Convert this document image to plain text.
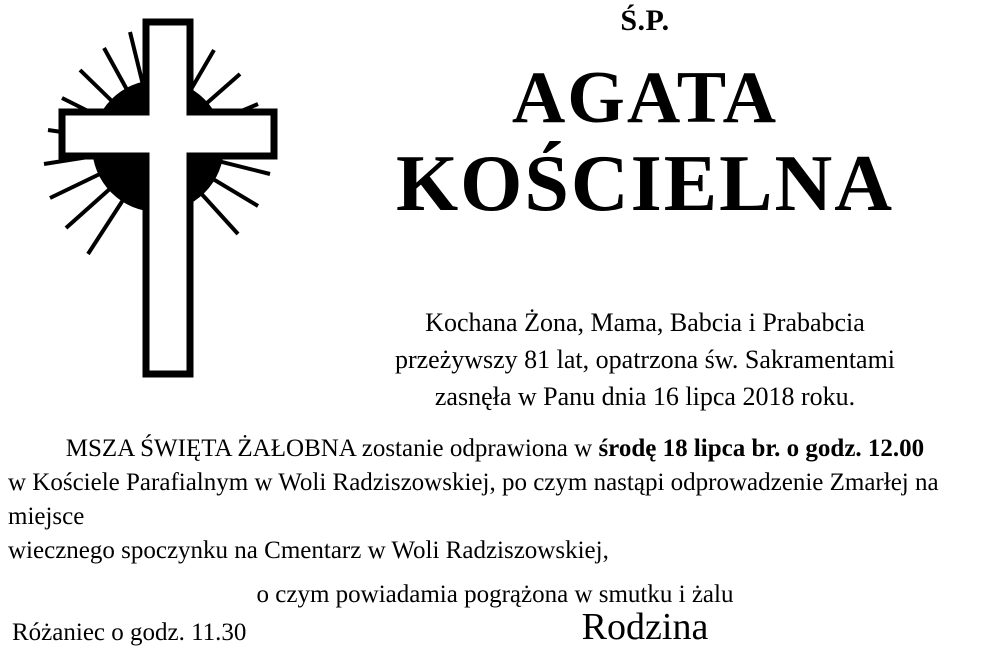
Ś.P.
AGATA
KOŚCIELNA
Kochana Żona, Mama, Babcia i Prababcia
przeżywszy 81 lat, opatrzona św. Sakramentami
zasnęła w Panu dnia 16 lipca 2018 roku.
MSZA ŚWIĘTA ŻAŁOBNA zostanie odprawiona w środę 18 lipca br. o godz. 12.00
w Kościele Parafialnym w Woli Radziszowskiej, po czym nastąpi odprowadzenie Zmarłej na miejsce
wiecznego spoczynku na Cmentarz w Woli Radziszowskiej,
o czym powiadamia pogrążona w smutku i żalu
Rodzina
Różaniec o godz. 11.30
